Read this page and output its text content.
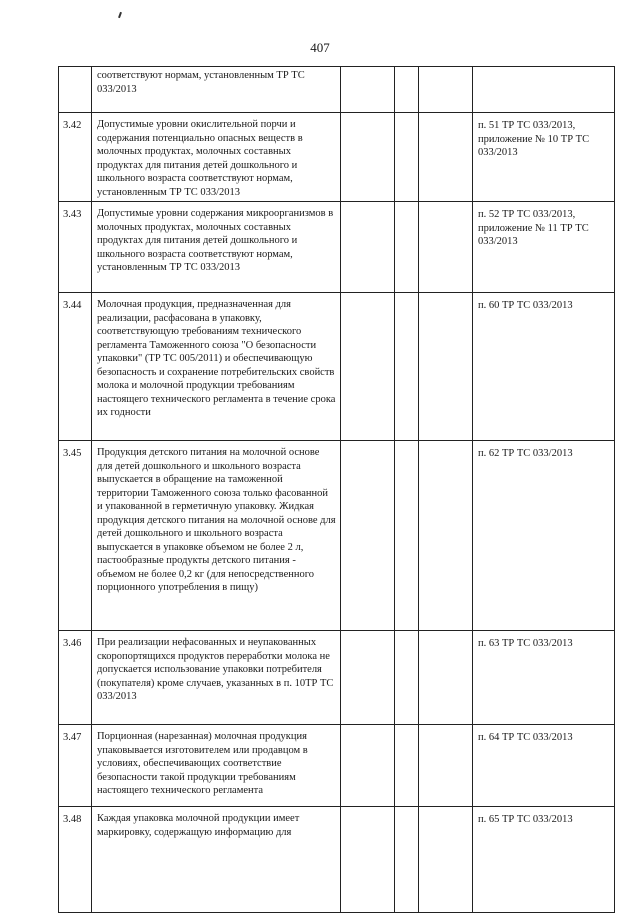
407

	соответствуют нормам, установленным ТР ТС 033/2013				

3.42	Допустимые уровни окислительной порчи и содержания потенциально опасных веществ в молочных продуктах, молочных составных продуктах для питания детей дошкольного и школьного возраста соответствуют нормам, установленным ТР ТС 033/2013				п. 51 ТР ТС 033/2013, приложение № 10 ТР ТС 033/2013

3.43	Допустимые уровни содержания микроорганизмов в молочных продуктах, молочных составных продуктах для питания детей дошкольного и школьного возраста соответствуют нормам, установленным ТР ТС 033/2013				п. 52 ТР ТС 033/2013, приложение № 11 ТР ТС 033/2013

3.44	Молочная продукция, предназначенная для реализации, расфасована в упаковку, соответствующую требованиям технического регламента Таможенного союза "О безопасности упаковки" (ТР ТС 005/2011) и обеспечивающую безопасность и сохранение потребительских свойств молока и молочной продукции требованиям настоящего технического регламента в течение срока их годности				п. 60 ТР ТС 033/2013

3.45	Продукция детского питания на молочной основе для детей дошкольного и школьного возраста выпускается в обращение на таможенной территории Таможенного союза только фасованной и упакованной в герметичную упаковку. Жидкая продукция детского питания на молочной основе для детей дошкольного и школьного возраста выпускается в упаковке объемом не более 2 л, пастообразные продукты детского питания - объемом не более 0,2 кг (для непосредственного порционного употребления в пищу)				п. 62 ТР ТС 033/2013

3.46	При реализации нефасованных и неупакованных скоропортящихся продуктов переработки молока не допускается использование упаковки потребителя (покупателя) кроме случаев, указанных в п. 10ТР ТС 033/2013				п. 63 ТР ТС 033/2013

3.47	Порционная (нарезанная) молочная продукция упаковывается изготовителем или продавцом в условиях, обеспечивающих соответствие безопасности такой продукции требованиям настоящего технического регламента				п. 64 ТР ТС 033/2013

3.48	Каждая упаковка молочной продукции имеет маркировку, содержащую информацию для				п. 65 ТР ТС 033/2013
